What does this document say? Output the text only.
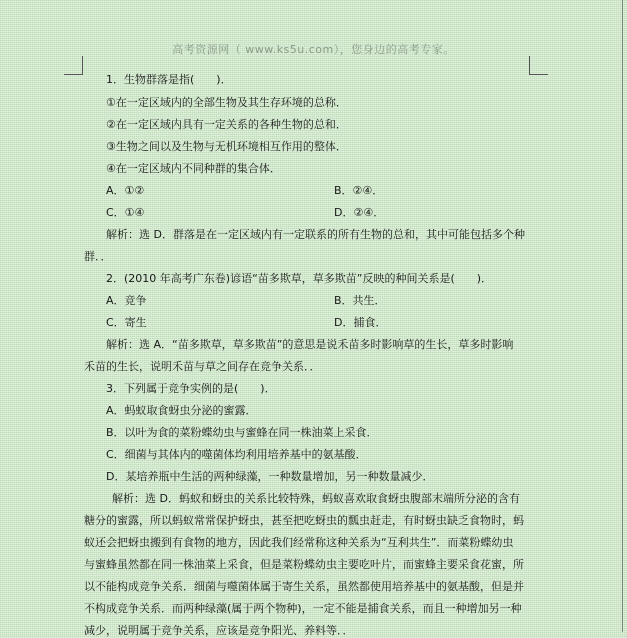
高考资源网（ www.ks5u.com），您身边的高考专家。
1．生物群落是指(　　)．
①在一定区域内的全部生物及其生存环境的总称．
②在一定区域内具有一定关系的各种生物的总和．
③生物之间以及生物与无机环境相互作用的整体．
④在一定区域内不同种群的集合体．
A．①②	B．②④．
C．①④	D．②④．
解析：选 D．群落是在一定区域内有一定联系的所有生物的总和，其中可能包括多个种
群．．
2．(2010 年高考广东卷)谚语“苗多欺草，草多欺苗”反映的种间关系是(　　)．
A．竞争	B．共生．
C．寄生	D．捕食．
解析：选 A．“苗多欺草，草多欺苗”的意思是说禾苗多时影响草的生长，草多时影响
禾苗的生长，说明禾苗与草之间存在竞争关系．．
3．下列属于竞争实例的是(　　)．
A．蚂蚁取食蚜虫分泌的蜜露．
B．以叶为食的菜粉蝶幼虫与蜜蜂在同一株油菜上采食．
C．细菌与其体内的噬菌体均利用培养基中的氨基酸．
D．某培养瓶中生活的两种绿藻，一种数量增加，另一种数量减少．
解析：选 D．蚂蚁和蚜虫的关系比较特殊，蚂蚁喜欢取食蚜虫腹部末端所分泌的含有
糖分的蜜露，所以蚂蚁常常保护蚜虫，甚至把吃蚜虫的瓢虫赶走，有时蚜虫缺乏食物时，蚂
蚁还会把蚜虫搬到有食物的地方，因此我们经常称这种关系为“互利共生”．而菜粉蝶幼虫
与蜜蜂虽然都在同一株油菜上采食，但是菜粉蝶幼虫主要吃叶片，而蜜蜂主要采食花蜜，所
以不能构成竞争关系．细菌与噬菌体属于寄生关系，虽然都使用培养基中的氨基酸，但是并
不构成竞争关系．而两种绿藻(属于两个物种)，一定不能是捕食关系，而且一种增加另一种
减少，说明属于竞争关系，应该是竞争阳光、养料等．．
